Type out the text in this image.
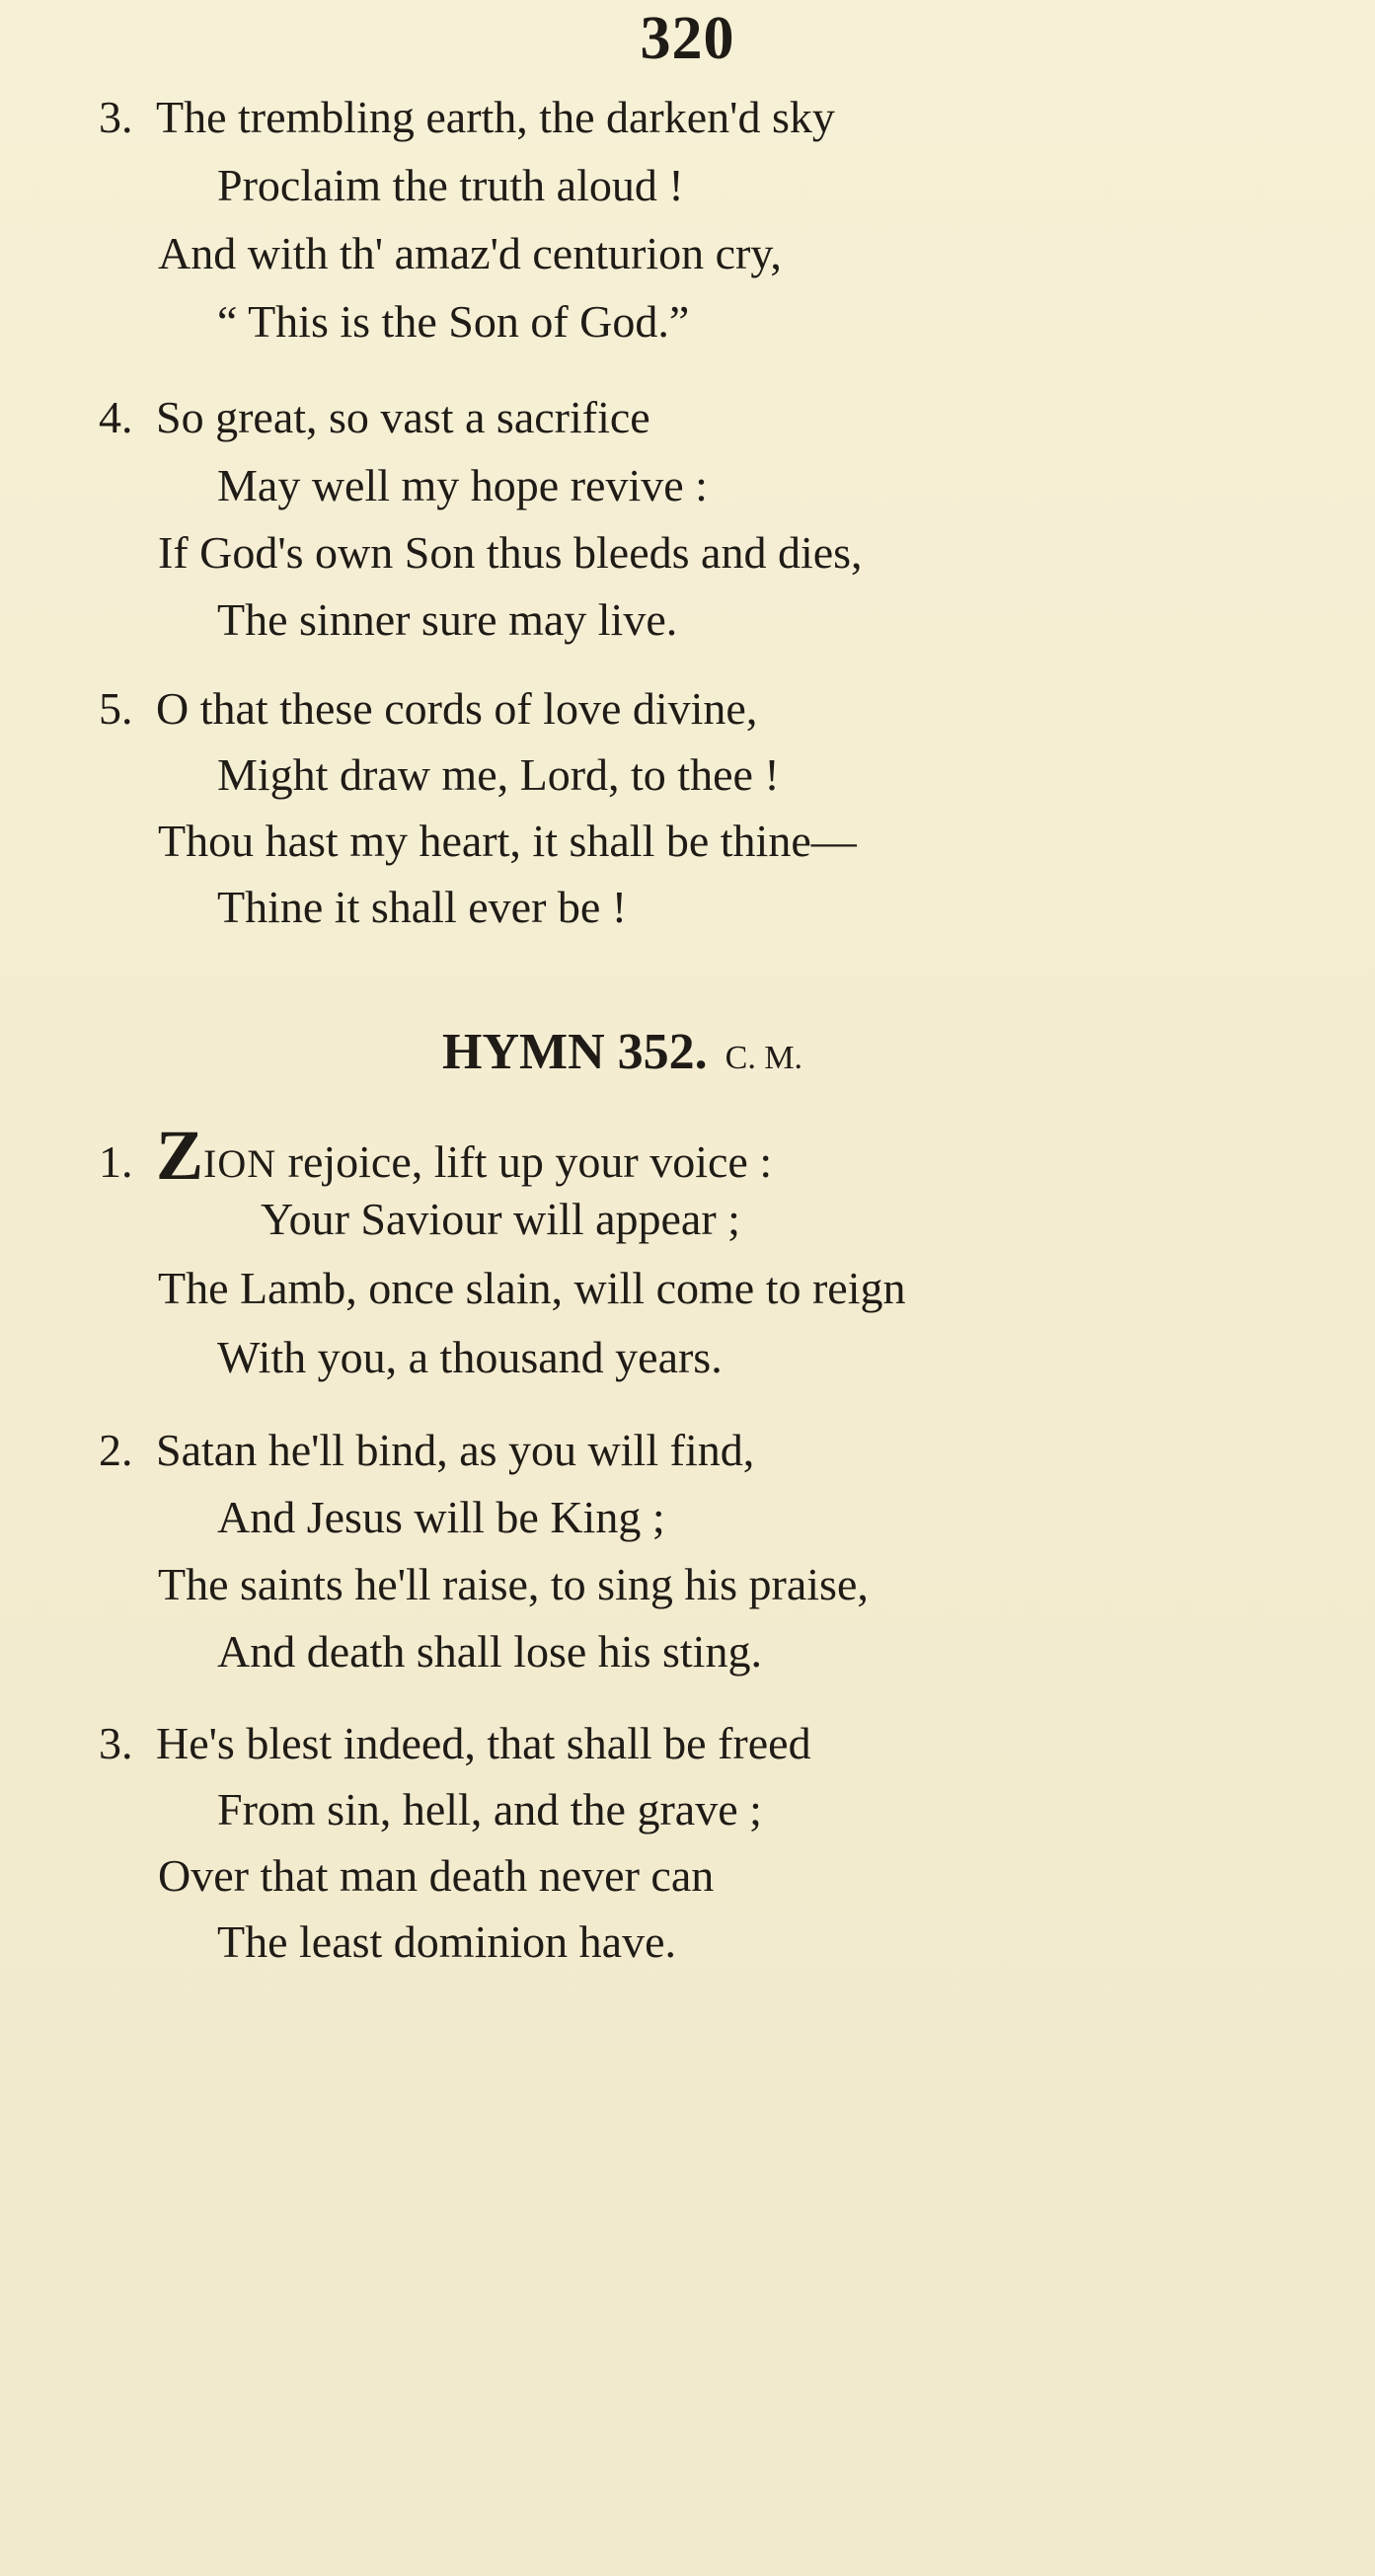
320
3. The trembling earth, the darken'd sky
Proclaim the truth aloud !
And with th' amaz'd centurion cry,
“ This is the Son of God.”
4. So great, so vast a sacrifice
May well my hope revive :
If God's own Son thus bleeds and dies,
The sinner sure may live.
5. O that these cords of love divine,
Might draw me, Lord, to thee !
Thou hast my heart, it shall be thine—
Thine it shall ever be !
HYMN 352. C. M.
1. ZION rejoice, lift up your voice :
Your Saviour will appear ;
The Lamb, once slain, will come to reign
With you, a thousand years.
2. Satan he'll bind, as you will find,
And Jesus will be King ;
The saints he'll raise, to sing his praise,
And death shall lose his sting.
3. He's blest indeed, that shall be freed
From sin, hell, and the grave ;
Over that man death never can
The least dominion have.
